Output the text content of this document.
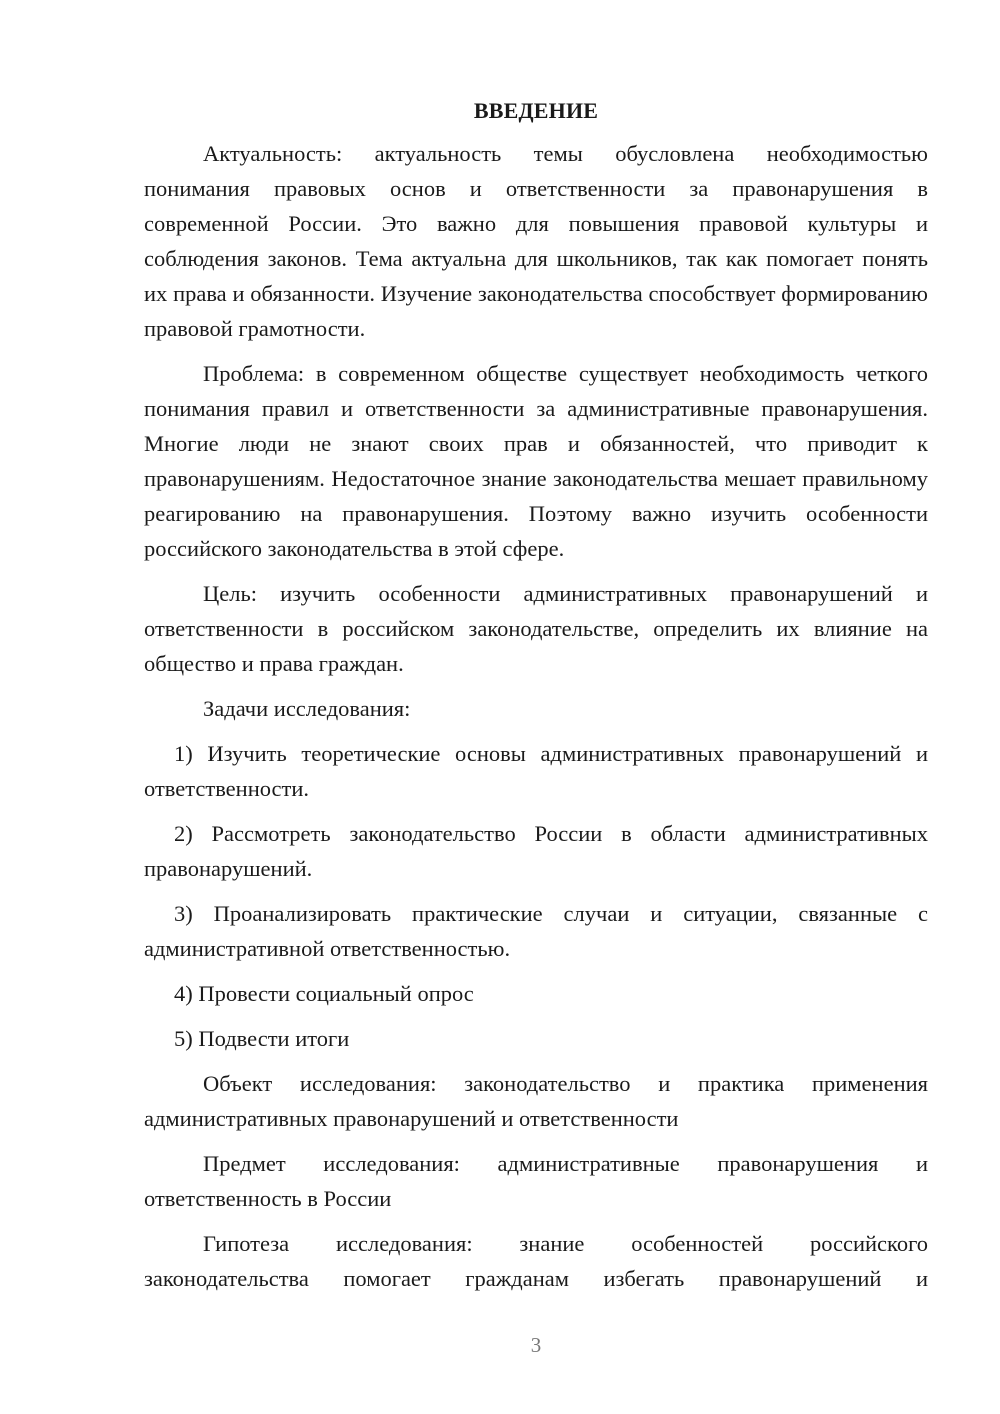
ВВЕДЕНИЕ

Актуальность: актуальность темы обусловлена необходимостью понимания правовых основ и ответственности за правонарушения в современной России. Это важно для повышения правовой культуры и соблюдения законов. Тема актуальна для школьников, так как помогает понять их права и обязанности. Изучение законодательства способствует формированию правовой грамотности.

Проблема: в современном обществе существует необходимость четкого понимания правил и ответственности за административные правонарушения. Многие люди не знают своих прав и обязанностей, что приводит к правонарушениям. Недостаточное знание законодательства мешает правильному реагированию на правонарушения. Поэтому важно изучить особенности российского законодательства в этой сфере.

Цель: изучить особенности административных правонарушений и ответственности в российском законодательстве, определить их влияние на общество и права граждан.

Задачи исследования:

1) Изучить теоретические основы административных правонарушений и ответственности.

2) Рассмотреть законодательство России в области административных правонарушений.

3) Проанализировать практические случаи и ситуации, связанные с административной ответственностью.

4) Провести социальный опрос

5) Подвести итоги

Объект исследования: законодательство и практика применения административных правонарушений и ответственности

Предмет исследования: административные правонарушения и ответственность в России

Гипотеза исследования: знание особенностей российского законодательства помогает гражданам избегать правонарушений и

3
